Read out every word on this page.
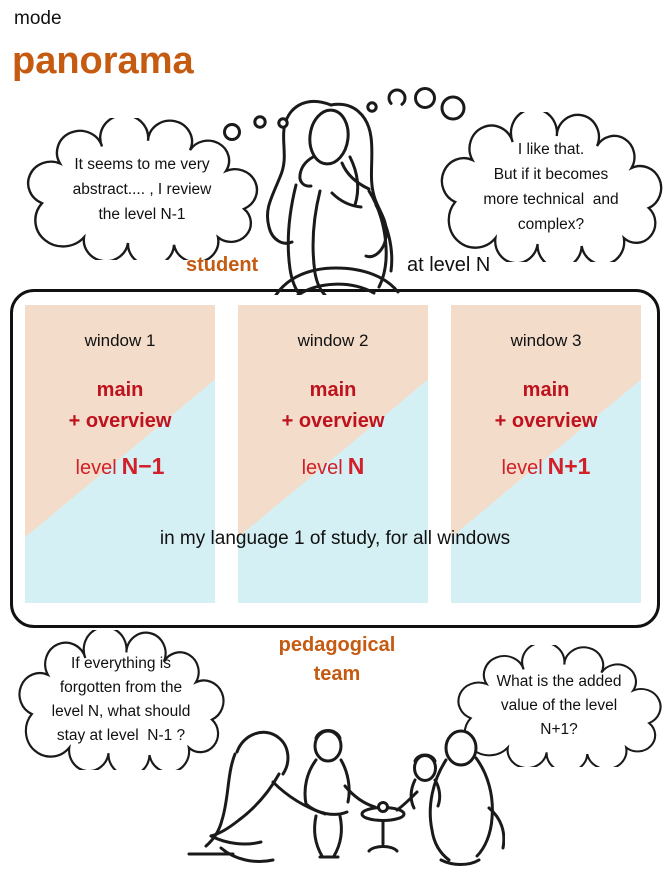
mode
panorama
It seems to me very
abstract.... , I review
the level N-1
I like that.
But if it becomes
more technical  and
complex?
student	at level N
window 1
main
+ overview
level N−1
window 2
main
+ overview
level N
window 3
main
+ overview
level N+1
in my language 1 of study, for all windows
pedagogical
team
If everything is
forgotten from the
level N, what should
stay at level  N-1 ?
What is the added
value of the level
N+1?
